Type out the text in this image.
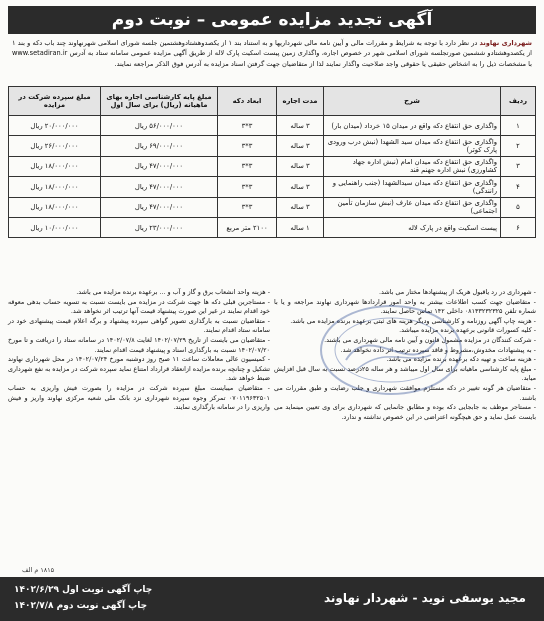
آگهی تجدید مزایده عمومی – نوبت دوم
شهرداری نهاوند در نظر دارد با توجه به شرایط و مقررات مالی و آیین نامه مالی شهرداریها و به استناد بند ۱ از یکصدوهشتادوهشتمین جلسه شورای اسلامی شهرنهاوند چند باب دکه و بند ۱ از یکصدوهشتادو ششمین صورتجلسه شورای اسلامی شهر در خصوص اجاره، واگذاری زمین پیست اسکیت پارک لاله از طریق آگهی مزایده عمومی سامانه ستاد به آدرس www.setadiran.ir با مشخصات ذیل را به اشخاص حقیقی یا حقوقی واجد صلاحیت واگذار نمایند لذا از متقاضیان جهت گرفتن اسناد مزایده به آدرس فوق الذکر مراجعه نمایند.
ردیف	شرح	مدت اجاره	ابعاد دکه	مبلغ پایه کارشناسی اجاره بهای ماهیانه (ریال) برای سال اول	مبلغ سپرده شرکت در مزایده
۱	واگذاری حق انتفاع دکه واقع در میدان ۱۵ خرداد (میدان بار)	۳ ساله	۳*۳	۵۶/۰۰۰/۰۰۰ ریال	۲۰/۰۰۰/۰۰۰ ریال
۲	واگذاری حق انتفاع دکه میدان سید الشهدا (نبش درب ورودی پارک کوثر)	۳ ساله	۳*۳	۶۹/۰۰۰/۰۰۰ ریال	۲۶/۰۰۰/۰۰۰ ریال
۳	واگذاری حق انتفاع دکه میدان امام (نبش اداره جهاد کشاورزی) نبش اداره جهنم قند	۳ ساله	۳*۳	۴۷/۰۰۰/۰۰۰ ریال	۱۸/۰۰۰/۰۰۰ ریال
۴	واگذاری حق انتفاع دکه میدان سیدالشهدا (جنب راهنمایی و رانندگی)	۳ ساله	۳*۳	۴۷/۰۰۰/۰۰۰ ریال	۱۸/۰۰۰/۰۰۰ ریال
۵	واگذاری حق انتفاع دکه میدان عارف (نبش سازمان تأمین اجتماعی)	۳ ساله	۳*۳	۴۷/۰۰۰/۰۰۰ ریال	۱۸/۰۰۰/۰۰۰ ریال
۶	پیست اسکیت واقع در پارک لاله	۱ ساله	۲۱۰۰ متر مربع	۲۳/۰۰۰/۰۰۰ ریال	۱۰/۰۰۰/۰۰۰ ریال

- شهرداری در رد یاقبول هریک از پیشنهادها مختار می باشد.

- متقاضیان جهت کسب اطلاعات بیشتر به واحد امور قراردادها شهرداری نهاوند مراجعه و یا با شماره تلفن ۰۸۱۳۳۲۳۲۳۲۵ داخلی ۱۴۲ تماس حاصل نمایند.

- هزینه چاپ آگهی روزنامه و کارشناسی ودیگر هزینه های ثبتی برعهده برنده مزایده می باشد.

- کلیه کسورات قانونی برعهده برنده مزایده میباشد.

- شرکت کنندگان در مزایده مشمول قانون و آیین نامه مالی شهرداری می باشند.

- به پیشنهادات مخدوش،مشروط و فاقد سپرده ترتیب اثر داده نخواهد شد.

- هزینه ساخت و تهیه دکه برعهده برنده مزایده می باشد.

- مبلغ پایه کارشناسی ماهیانه برای سال اول میباشد و هر ساله ۲۵درصد نسبت به سال قبل افزایش میابد.

- متقاضیان هر گونه تغییر در دکه مستلزم موافقت شهرداری و جلب رضایت و طبق مقررات می باشند.

- مستاجر موظف به جابجایی دکه بوده و مطابق جانمایی که شهرداری برای وی تعیین مینماید می بایست عمل نماید و حق هیچگونه اعتراضی در این خصوص نداشته و ندارد.

- هزینه واحد انشعاب برق و گاز و آب و ... برعهده برنده مزایده می باشد.

- مستاجرین قبلی دکه ها جهت شرکت در مزایده می بایست نسبت به تسویه حساب بدهی معوقه خود اقدام نمایند در غیر این صورت پیشنهاد قیمت آنها ترتیب اثر نخواهد شد.

- متقاضیان نسبت به بارگذاری تصویر گواهی سپرده پیشنهاد و برگه اعلام قیمت پیشنهادی خود در سامانه ستاد اقدام نمایند.

- متقاضیان می بایست از تاریخ ۱۴۰۲/۰۷/۲۹ لغایت ۱۴۰۲/۰۷/۸ در سامانه ستاد را دریافت و تا مورخ ۱۴۰۲/۰۷/۲۰ نسبت به بارگذاری اسناد و پیشنهاد قیمت اقدام نمایند.

- کمیسیون عالی معاملات ساعت ۱۱ صبح روز دوشنبه مورخ ۱۴۰۲/۰۷/۲۴ در محل شهرداری نهاوند تشکیل و چنانچه برنده مزایده ازانعقاد قرارداد امتناع نماید سپرده شرکت در مزایده به نفع شهرداری ضبط خواهد شد.

- متقاضیان میبایست مبلغ سپرده شرکت در مزایده را بصورت فیش واریزی به حساب ۰۷۰۱۱۹۶۳۲۵۰۱ تمرکز وجوه سپرده شهرداری نزد بانک ملی شعبه مرکزی نهاوند واریز و فیش واریزی را در سامانه بارگذاری نمایند.

۱۸۱۵ م الف
مجید یوسفی نوید - شهردار نهاوند
چاپ آگهی نوبت اول ۱۴۰۲/۶/۲۹
چاپ آگهی نوبت دوم ۱۴۰۲/۷/۸
